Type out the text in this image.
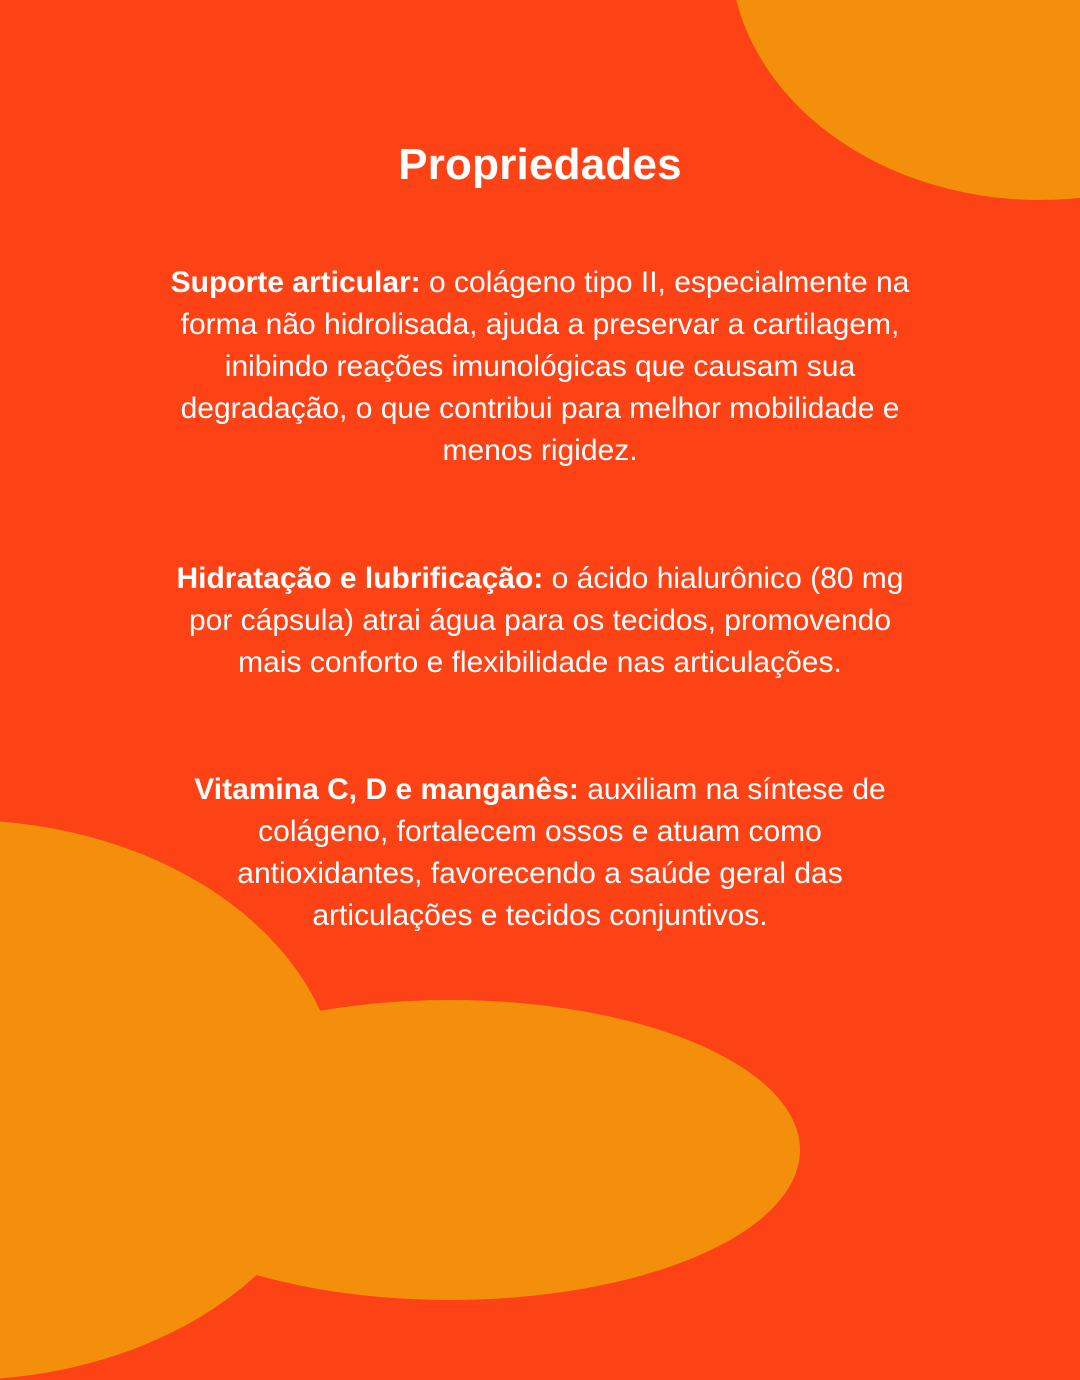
Propriedades

Suporte articular: o colágeno tipo II, especialmente na forma não hidrolisada, ajuda a preservar a cartilagem, inibindo reações imunológicas que causam sua degradação, o que contribui para melhor mobilidade e menos rigidez.

Hidratação e lubrificação: o ácido hialurônico (80 mg por cápsula) atrai água para os tecidos, promovendo mais conforto e flexibilidade nas articulações.

Vitamina C, D e manganês: auxiliam na síntese de colágeno, fortalecem ossos e atuam como antioxidantes, favorecendo a saúde geral das articulações e tecidos conjuntivos.
